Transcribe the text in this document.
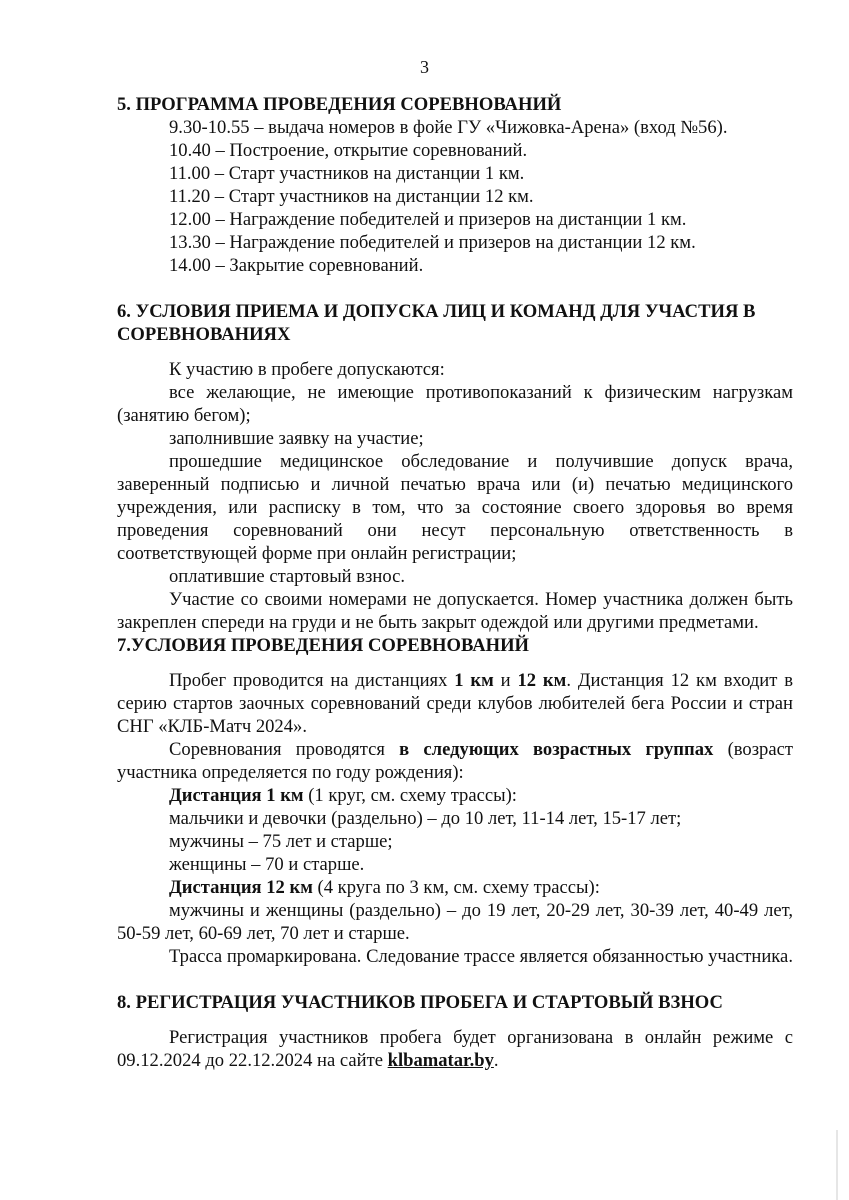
3
5. ПРОГРАММА ПРОВЕДЕНИЯ СОРЕВНОВАНИЙ
9.30-10.55 – выдача номеров в фойе ГУ «Чижовка-Арена» (вход №56).
10.40 – Построение, открытие соревнований.
11.00 – Старт участников на дистанции 1 км.
11.20 – Старт участников на дистанции 12 км.
12.00 – Награждение победителей и призеров на дистанции 1 км.
13.30 – Награждение победителей и призеров на дистанции 12 км.
14.00 – Закрытие соревнований.
6. УСЛОВИЯ ПРИЕМА И ДОПУСКА ЛИЦ И КОМАНД ДЛЯ УЧАСТИЯ В СОРЕВНОВАНИЯХ

К участию в пробеге допускаются:

все желающие, не имеющие противопоказаний к физическим нагрузкам (занятию бегом);

заполнившие заявку на участие;

прошедшие медицинское обследование и получившие допуск врача, заверенный подписью и личной печатью врача или (и) печатью медицинского учреждения, или расписку в том, что за состояние своего здоровья во время проведения соревнований они несут персональную ответственность в соответствующей форме при онлайн регистрации;

оплатившие стартовый взнос.

Участие со своими номерами не допускается. Номер участника должен быть закреплен спереди на груди и не быть закрыт одеждой или другими предметами.

7.УСЛОВИЯ ПРОВЕДЕНИЯ СОРЕВНОВАНИЙ

Пробег проводится на дистанциях 1 км и 12 км. Дистанция 12 км входит в серию стартов заочных соревнований среди клубов любителей бега России и стран СНГ «КЛБ-Матч 2024».

Соревнования проводятся в следующих возрастных группах (возраст участника определяется по году рождения):

Дистанция 1 км (1 круг, см. схему трассы):

мальчики и девочки (раздельно) – до 10 лет, 11-14 лет, 15-17 лет;

мужчины – 75 лет и старше;

женщины – 70 и старше.

Дистанция 12 км (4 круга по 3 км, см. схему трассы):

мужчины и женщины (раздельно) – до 19 лет, 20-29 лет, 30-39 лет, 40-49 лет, 50-59 лет, 60-69 лет, 70 лет и старше.

Трасса промаркирована. Следование трассе является обязанностью участника.

8. РЕГИСТРАЦИЯ УЧАСТНИКОВ ПРОБЕГА И СТАРТОВЫЙ ВЗНОС

Регистрация участников пробега будет организована в онлайн режиме с 09.12.2024 до 22.12.2024 на сайте klbamatar.by.
